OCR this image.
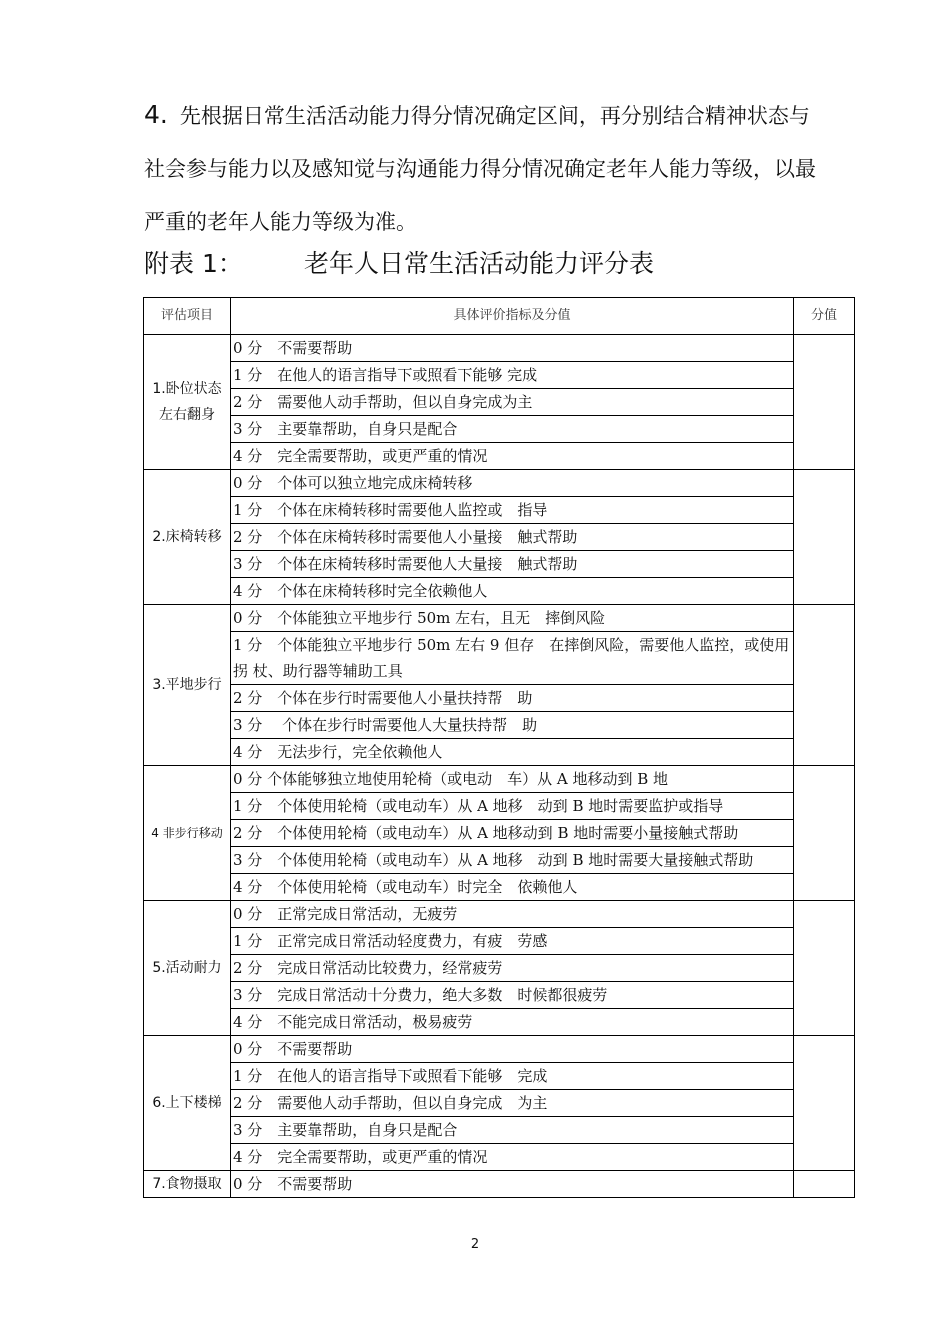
4. 先根据日常生活活动能力得分情况确定区间，再分别结合精神状态与社会参与能力以及感知觉与沟通能力得分情况确定老年人能力等级，以最严重的老年人能力等级为准。
附表 1： 老年人日常生活活动能力评分表
评估项目	具体评价指标及分值	分值
1.卧位状态左右翻身	0 分　不需要帮助	
	1 分　在他人的语言指导下或照看下能够 完成	
	2 分　需要他人动手帮助，但以自身完成为主	
	3 分　主要靠帮助，自身只是配合	
	4 分　完全需要帮助，或更严重的情况	
2.床椅转移	0 分　个体可以独立地完成床椅转移	
	1 分　个体在床椅转移时需要他人监控或　指导	
	2 分　个体在床椅转移时需要他人小量接　触式帮助	
	3 分　个体在床椅转移时需要他人大量接　触式帮助	
	4 分　个体在床椅转移时完全依赖他人	
3.平地步行	0 分　个体能独立平地步行 50m 左右，且无　摔倒风险	
	1 分　个体能独立平地步行 50m 左右 9 但存　在摔倒风险，需要他人监控，或使用拐 杖、助行器等辅助工具	
	2 分　个体在步行时需要他人小量扶持帮　助	
	3 分　 个体在步行时需要他人大量扶持帮　助	
	4 分　无法步行，完全依赖他人	
4 非步行移动	0 分 个体能够独立地使用轮椅（或电动　车）从 A 地移动到 B 地	
	1 分　个体使用轮椅（或电动车）从 A 地移　动到 B 地时需要监护或指导	
	2 分　个体使用轮椅（或电动车）从 A 地移动到 B 地时需要小量接触式帮助	
	3 分　个体使用轮椅（或电动车）从 A 地移　动到 B 地时需要大量接触式帮助	
	4 分　个体使用轮椅（或电动车）时完全　依赖他人	
5.活动耐力	0 分　正常完成日常活动，无疲劳	
	1 分　正常完成日常活动轻度费力，有疲　劳感	
	2 分　完成日常活动比较费力，经常疲劳	
	3 分　完成日常活动十分费力，绝大多数　时候都很疲劳	
	4 分　不能完成日常活动，极易疲劳	
6.上下楼梯	0 分　不需要帮助	
	1 分　在他人的语言指导下或照看下能够　完成	
	2 分　需要他人动手帮助，但以自身完成　为主	
	3 分　主要靠帮助，自身只是配合	
	4 分　完全需要帮助，或更严重的情况	
7.食物摄取	0 分　不需要帮助	
2
